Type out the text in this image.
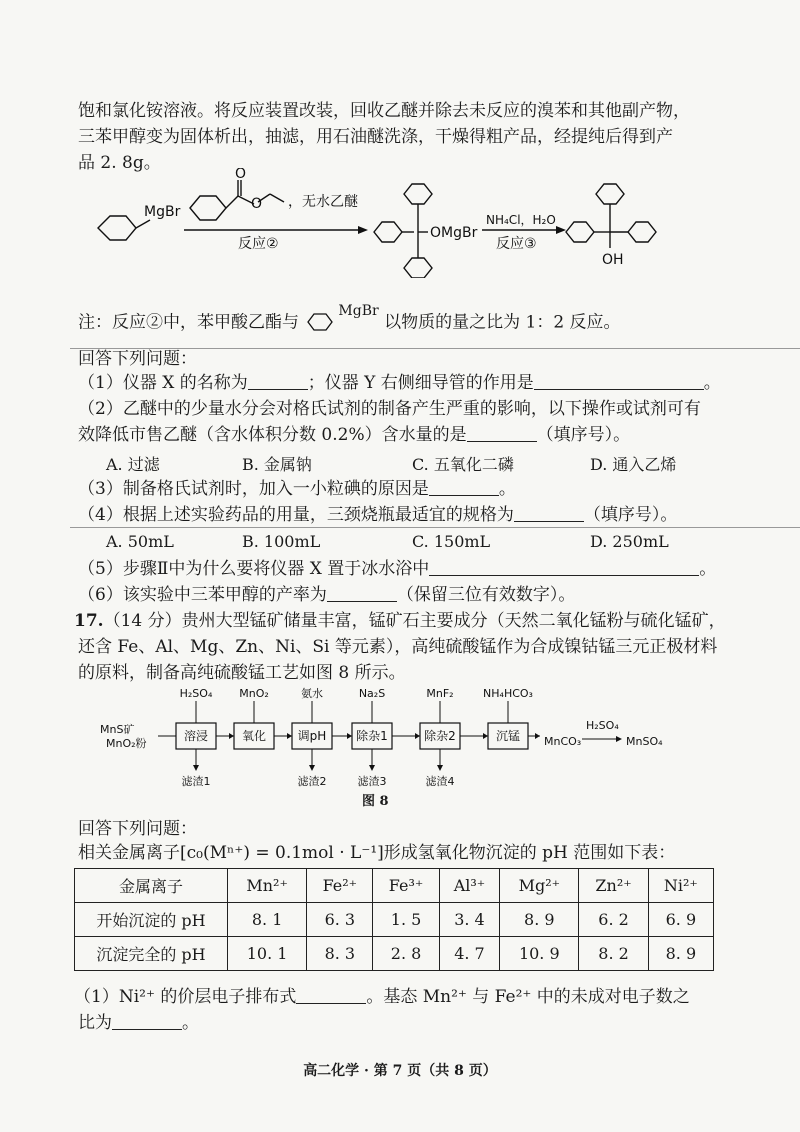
饱和氯化铵溶液。将反应装置改装，回收乙醚并除去未反应的溴苯和其他副产物，
三苯甲醇变为固体析出，抽滤，用石油醚洗涤，干燥得粗产品，经提纯后得到产
品 2. 8g。
MgBr
O
O ，无水乙醚
反应②
OMgBr
NH₄Cl，H₂O
反应③
OH
注：反应②中，苯甲酸乙酯与 $^{MgBr}$ 以物质的量之比为 1：2 反应。
回答下列问题：
（1）仪器 X 的名称为	；仪器 Y 右侧细导管的作用是	。
（2）乙醚中的少量水分会对格氏试剂的制备产生严重的影响，以下操作或试剂可有
效降低市售乙醚（含水体积分数 0.2%）含水量的是	（填序号）。
A. 过滤	B. 金属钠	C. 五氧化二磷	D. 通入乙烯
（3）制备格氏试剂时，加入一小粒碘的原因是	。
（4）根据上述实验药品的用量，三颈烧瓶最适宜的规格为	（填序号）。
A. 50mL	B. 100mL	C. 150mL	D. 250mL
（5）步骤Ⅱ中为什么要将仪器 X 置于冰水浴中	。
（6）该实验中三苯甲醇的产率为	（保留三位有效数字）。
17.（14 分）贵州大型锰矿储量丰富，锰矿石主要成分（天然二氧化锰粉与硫化锰矿，
还含 Fe、Al、Mg、Zn、Ni、Si 等元素），高纯硫酸锰作为合成镍钴锰三元正极材料
的原料，制备高纯硫酸锰工艺如图 8 所示。
MnS矿
MnO₂粉
溶浸
H₂SO₄
氧化
MnO₂
调pH
氨水
除杂1
Na₂S
除杂2
MnF₂
沉锰
NH₄HCO₃
滤渣1	滤渣2	滤渣3	滤渣4
MnCO₃
H₂SO₄
MnSO₄
图 8
回答下列问题：
相关金属离子[c₀(Mⁿ⁺) = 0.1mol · L⁻¹]形成氢氧化物沉淀的 pH 范围如下表：
金属离子	Mn²⁺	Fe²⁺	Fe³⁺	Al³⁺	Mg²⁺	Zn²⁺	Ni²⁺
开始沉淀的 pH	8. 1	6. 3	1. 5	3. 4	8. 9	6. 2	6. 9
沉淀完全的 pH	10. 1	8. 3	2. 8	4. 7	10. 9	8. 2	8. 9
（1）Ni²⁺ 的价层电子排布式	。基态 Mn²⁺ 与 Fe²⁺ 中的未成对电子数之
比为	。
高二化学 · 第 7 页（共 8 页）
